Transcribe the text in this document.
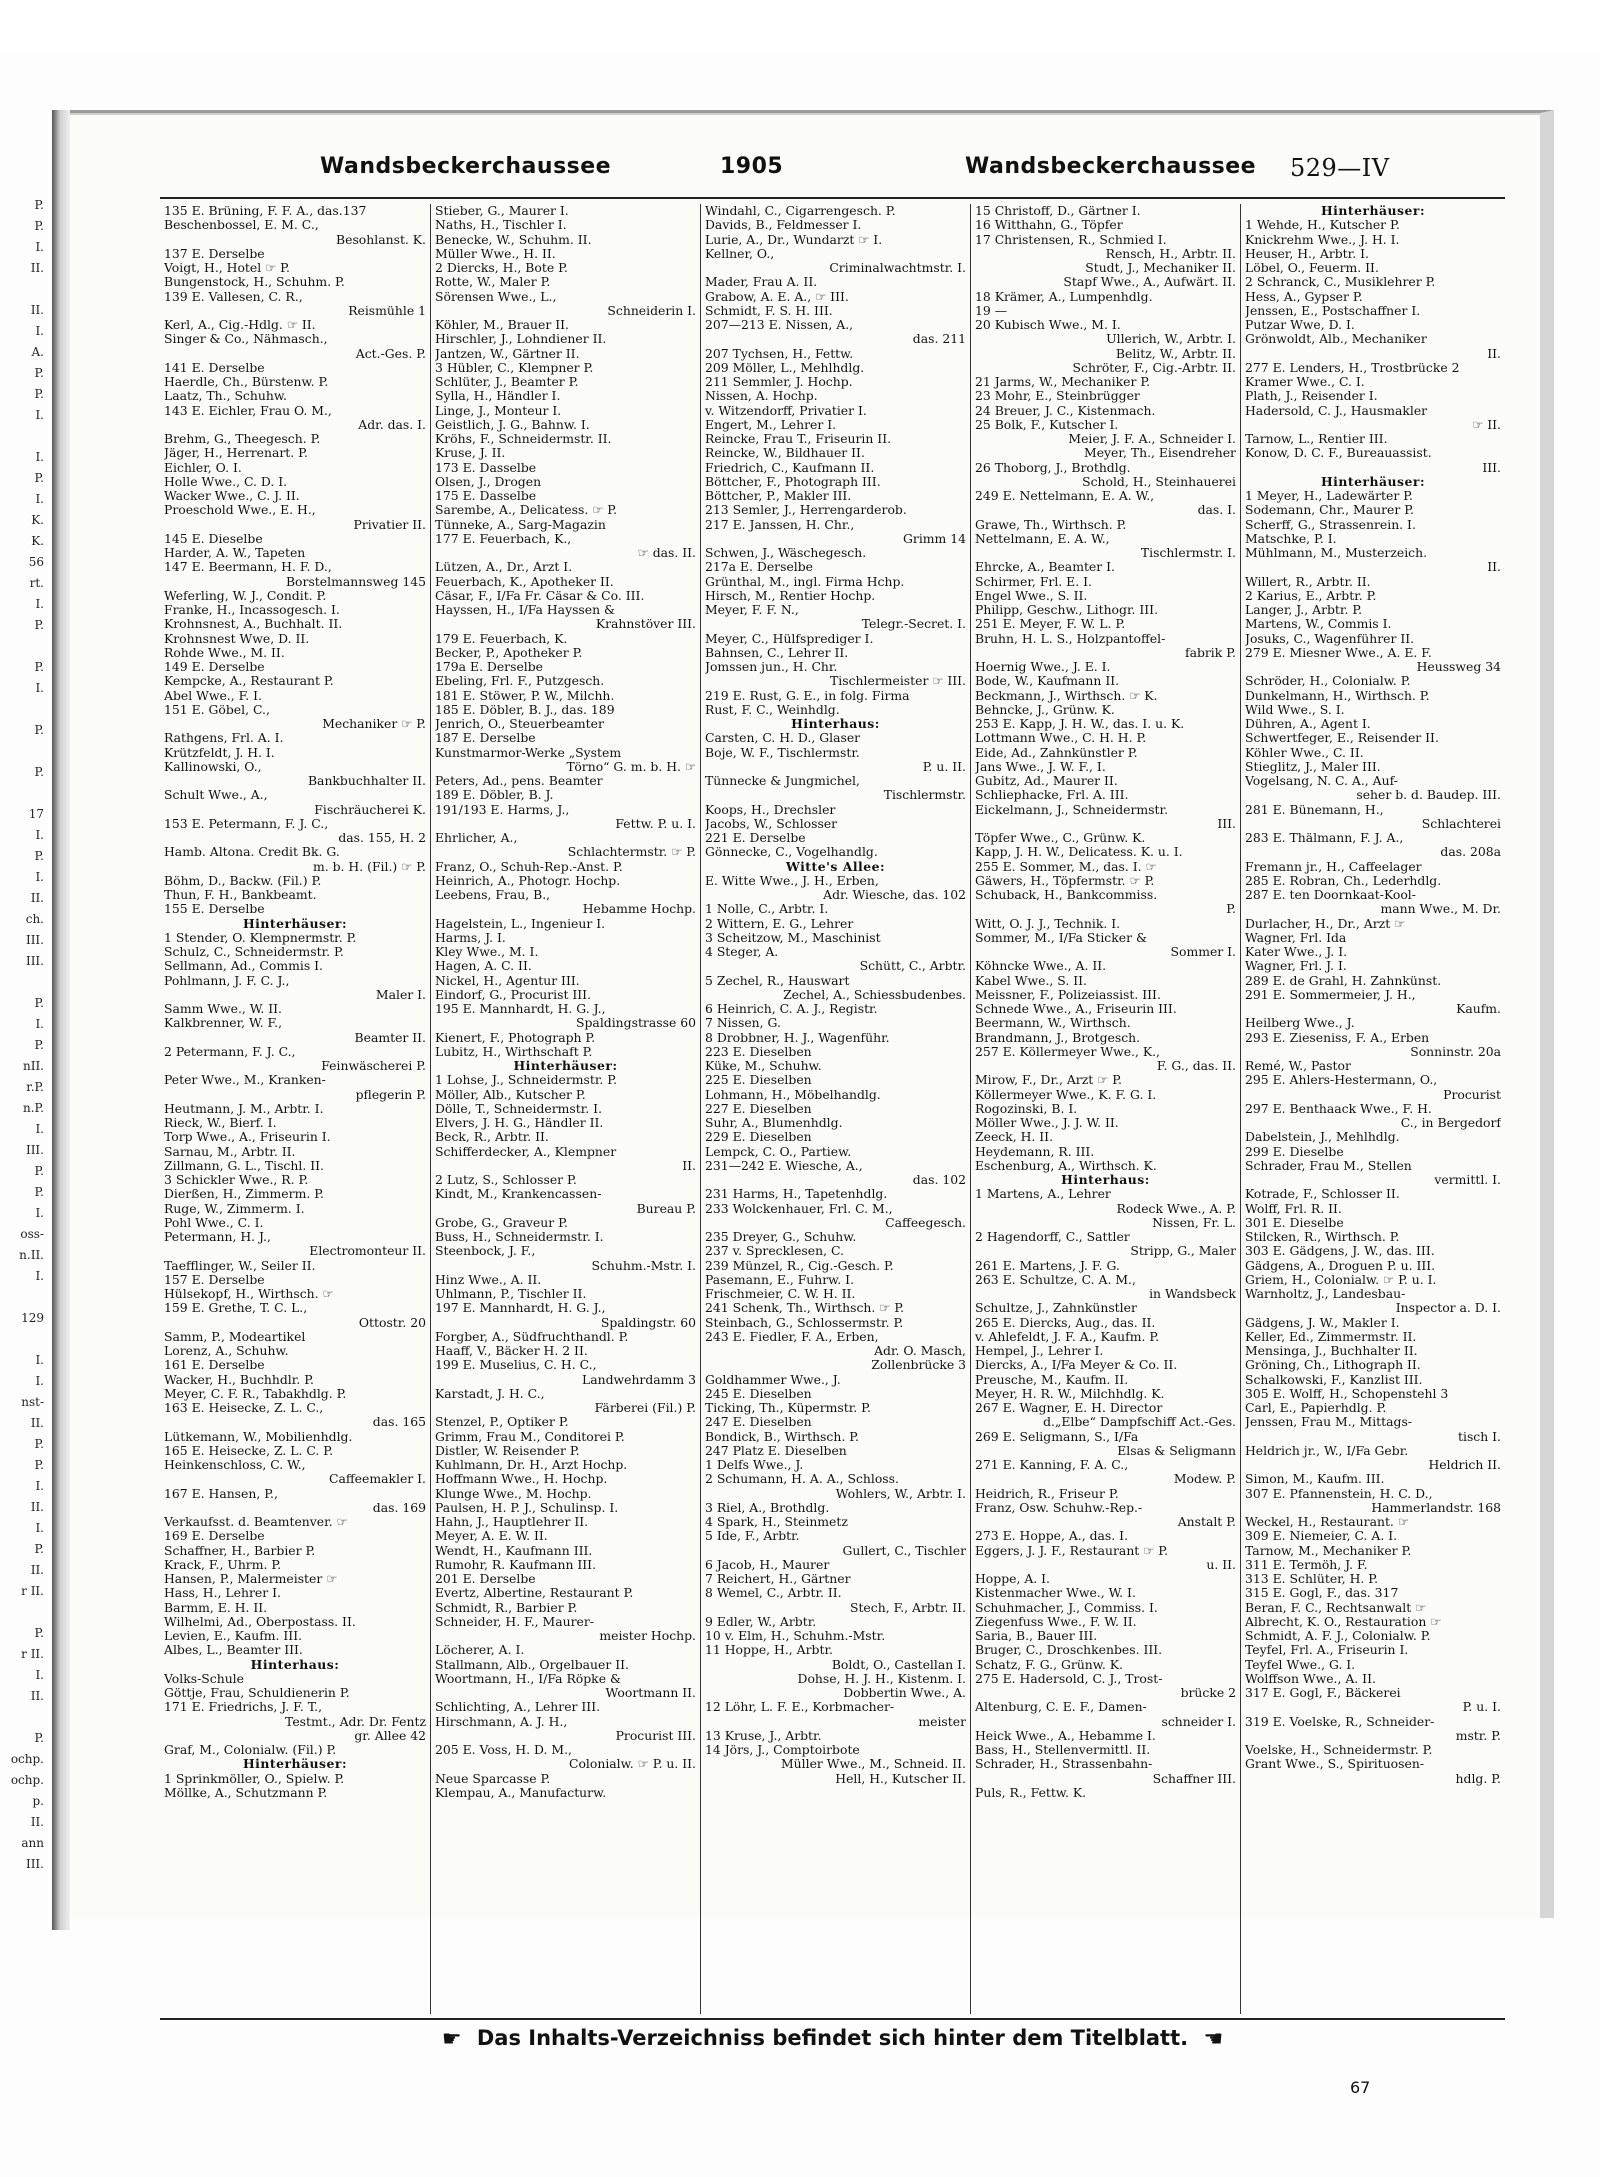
P.
P.
I.
II.

II.
I.
A.
P.
P.
I.

I.
P.
I.
K.
K.
56
rt.
I.
P.

P.
I.

P.

P.

17
I.
P.
I.
II.
ch.
III.
III.

P.
I.
P.
nII.
r.P.
n.P.
I.
III.
P.
P.
I.
oss-
n.II.
I.

129

I.
I.
nst-
II.
P.
P.
I.
II.
I.
P.
II.
r II.

P.
r II.
I.
II.

P.
ochp.
ochp.
p.
II.
ann
III.
Wandsbeckerchaussee	1905	Wandsbeckerchaussee 529—IV

135 E. Brüning, F. F. A., das.137

Beschenbossel, E. M. C.,

Besohlanst. K.

137 E. Derselbe

Voigt, H., Hotel ☞ P.

Bungenstock, H., Schuhm. P.

139 E. Vallesen, C. R.,

Reismühle 1

Kerl, A., Cig.-Hdlg. ☞ II.

Singer & Co., Nähmasch.,

Act.-Ges. P.

141 E. Derselbe

Haerdle, Ch., Bürstenw. P.

Laatz, Th., Schuhw.

143 E. Eichler, Frau O. M.,

Adr. das. I.

Brehm, G., Theegesch. P.

Jäger, H., Herrenart. P.

Eichler, O. I.

Holle Wwe., C. D. I.

Wacker Wwe., C. J. II.

Proeschold Wwe., E. H.,

Privatier II.

145 E. Dieselbe

Harder, A. W., Tapeten

147 E. Beermann, H. F. D.,

Borstelmannsweg 145

Weferling, W. J., Condit. P.

Franke, H., Incassogesch. I.

Krohnsnest, A., Buchhalt. II.

Krohnsnest Wwe, D. II.

Rohde Wwe., M. II.

149 E. Derselbe

Kempcke, A., Restaurant P.

Abel Wwe., F. I.

151 E. Göbel, C.,

Mechaniker ☞ P.

Rathgens, Frl. A. I.

Krützfeldt, J. H. I.

Kallinowski, O.,

Bankbuchhalter II.

Schult Wwe., A.,

Fischräucherei K.

153 E. Petermann, F. J. C.,

das. 155, H. 2

Hamb. Altona. Credit Bk. G.

m. b. H. (Fil.) ☞ P.

Böhm, D., Backw. (Fil.) P.

Thun, F. H., Bankbeamt.

155 E. Derselbe

Hinterhäuser:

1 Stender, O. Klempnermstr. P.

Schulz, C., Schneidermstr. P.

Sellmann, Ad., Commis I.

Pohlmann, J. F. C. J.,

Maler I.

Samm Wwe., W. II.

Kalkbrenner, W. F.,

Beamter II.

2 Petermann, F. J. C.,

Feinwäscherei P.

Peter Wwe., M., Kranken-

pflegerin P.

Heutmann, J. M., Arbtr. I.

Rieck, W., Bierf. I.

Torp Wwe., A., Friseurin I.

Sarnau, M., Arbtr. II.

Zillmann, G. L., Tischl. II.

3 Schickler Wwe., R. P.

Dierßen, H., Zimmerm. P.

Ruge, W., Zimmerm. I.

Pohl Wwe., C. I.

Petermann, H. J.,

Electromonteur II.

Taefflinger, W., Seiler II.

157 E. Derselbe

Hülsekopf, H., Wirthsch. ☞

159 E. Grethe, T. C. L.,

Ottostr. 20

Samm, P., Modeartikel

Lorenz, A., Schuhw.

161 E. Derselbe

Wacker, H., Buchhdlr. P.

Meyer, C. F. R., Tabakhdlg. P.

163 E. Heisecke, Z. L. C.,

das. 165

Lütkemann, W., Mobilienhdlg.

165 E. Heisecke, Z. L. C. P.

Heinkenschloss, C. W.,

Caffeemakler I.

167 E. Hansen, P.,

das. 169

Verkaufsst. d. Beamtenver. ☞

169 E. Derselbe

Schaffner, H., Barbier P.

Krack, F., Uhrm. P.

Hansen, P., Malermeister ☞

Hass, H., Lehrer I.

Barmm, E. H. II.

Wilhelmi, Ad., Oberpostass. II.

Levien, E., Kaufm. III.

Albes, L., Beamter III.

Hinterhaus:

Volks-Schule

Göttje, Frau, Schuldienerin P.

171 E. Friedrichs, J. F. T.,

Testmt., Adr. Dr. Fentz

gr. Allee 42

Graf, M., Colonialw. (Fil.) P.

Hinterhäuser:

1 Sprinkmöller, O., Spielw. P.

Möllke, A., Schutzmann P.

Stieber, G., Maurer I.

Naths, H., Tischler I.

Benecke, W., Schuhm. II.

Müller Wwe., H. II.

2 Diercks, H., Bote P.

Rotte, W., Maler P.

Sörensen Wwe., L.,

Schneiderin I.

Köhler, M., Brauer II.

Hirschler, J., Lohndiener II.

Jantzen, W., Gärtner II.

3 Hübler, C., Klempner P.

Schlüter, J., Beamter P.

Sylla, H., Händler I.

Linge, J., Monteur I.

Geistlich, J. G., Bahnw. I.

Kröhs, F., Schneidermstr. II.

Kruse, J. II.

173 E. Dasselbe

Olsen, J., Drogen

175 E. Dasselbe

Sarembe, A., Delicatess. ☞ P.

Tünneke, A., Sarg-Magazin

177 E. Feuerbach, K.,

☞ das. II.

Lützen, A., Dr., Arzt I.

Feuerbach, K., Apotheker II.

Cäsar, F., I/Fa Fr. Cäsar & Co. III.

Hayssen, H., I/Fa Hayssen &

Krahnstöver III.

179 E. Feuerbach, K.

Becker, P., Apotheker P.

179a E. Derselbe

Ebeling, Frl. F., Putzgesch.

181 E. Stöwer, P. W., Milchh.

185 E. Döbler, B. J., das. 189

Jenrich, O., Steuerbeamter

187 E. Derselbe

Kunstmarmor-Werke „System

Törno“ G. m. b. H. ☞

Peters, Ad., pens. Beamter

189 E. Döbler, B. J.

191/193 E. Harms, J.,

Fettw. P. u. I.

Ehrlicher, A.,

Schlachtermstr. ☞ P.

Franz, O., Schuh-Rep.-Anst. P.

Heinrich, A., Photogr. Hochp.

Leebens, Frau, B.,

Hebamme Hochp.

Hagelstein, L., Ingenieur I.

Harms, J. I.

Kley Wwe., M. I.

Hagen, A. C. II.

Nickel, H., Agentur III.

Eindorf, G., Procurist III.

195 E. Mannhardt, H. G. J.,

Spaldingstrasse 60

Kienert, F., Photograph P.

Lubitz, H., Wirthschaft P.

Hinterhäuser:

1 Lohse, J., Schneidermstr. P.

Möller, Alb., Kutscher P.

Dölle, T., Schneidermstr. I.

Elvers, J. H. G., Händler II.

Beck, R., Arbtr. II.

Schifferdecker, A., Klempner

II.

2 Lutz, S., Schlosser P.

Kindt, M., Krankencassen-

Bureau P.

Grobe, G., Graveur P.

Buss, H., Schneidermstr. I.

Steenbock, J. F.,

Schuhm.-Mstr. I.

Hinz Wwe., A. II.

Uhlmann, P., Tischler II.

197 E. Mannhardt, H. G. J.,

Spaldingstr. 60

Forgber, A., Südfruchthandl. P.

Haaff, V., Bäcker H. 2 II.

199 E. Muselius, C. H. C.,

Landwehrdamm 3

Karstadt, J. H. C.,

Färberei (Fil.) P.

Stenzel, P., Optiker P.

Grimm, Frau M., Conditorei P.

Distler, W. Reisender P.

Kuhlmann, Dr. H., Arzt Hochp.

Hoffmann Wwe., H. Hochp.

Klunge Wwe., M. Hochp.

Paulsen, H. P. J., Schulinsp. I.

Hahn, J., Hauptlehrer II.

Meyer, A. E. W. II.

Wendt, H., Kaufmann III.

Rumohr, R. Kaufmann III.

201 E. Derselbe

Evertz, Albertine, Restaurant P.

Schmidt, R., Barbier P.

Schneider, H. F., Maurer-

meister Hochp.

Löcherer, A. I.

Stallmann, Alb., Orgelbauer II.

Woortmann, H., I/Fa Röpke &

Woortmann II.

Schlichting, A., Lehrer III.

Hirschmann, A. J. H.,

Procurist III.

205 E. Voss, H. D. M.,

Colonialw. ☞ P. u. II.

Neue Sparcasse P.

Klempau, A., Manufacturw.

Windahl, C., Cigarrengesch. P.

Davids, B., Feldmesser I.

Lurie, A., Dr., Wundarzt ☞ I.

Kellner, O.,

Criminalwachtmstr. I.

Mader, Frau A. II.

Grabow, A. E. A., ☞ III.

Schmidt, F. S. H. III.

207—213 E. Nissen, A.,

das. 211

207 Tychsen, H., Fettw.

209 Möller, L., Mehlhdlg.

211 Semmler, J. Hochp.

Nissen, A. Hochp.

v. Witzendorff, Privatier I.

Engert, M., Lehrer I.

Reincke, Frau T., Friseurin II.

Reincke, W., Bildhauer II.

Friedrich, C., Kaufmann II.

Böttcher, F., Photograph III.

Böttcher, P., Makler III.

213 Semler, J., Herrengarderob.

217 E. Janssen, H. Chr.,

Grimm 14

Schwen, J., Wäschegesch.

217a E. Derselbe

Grünthal, M., ingl. Firma Hchp.

Hirsch, M., Rentier Hochp.

Meyer, F. F. N.,

Telegr.-Secret. I.

Meyer, C., Hülfsprediger I.

Bahnsen, C., Lehrer II.

Jomssen jun., H. Chr.

Tischlermeister ☞ III.

219 E. Rust, G. E., in folg. Firma

Rust, F. C., Weinhdlg.

Hinterhaus:

Carsten, C. H. D., Glaser

Boje, W. F., Tischlermstr.

P. u. II.

Tünnecke & Jungmichel,

Tischlermstr.

Koops, H., Drechsler

Jacobs, W., Schlosser

221 E. Derselbe

Gönnecke, C., Vogelhandlg.

Witte's Allee:

E. Witte Wwe., J. H., Erben,

Adr. Wiesche, das. 102

1 Nolle, C., Arbtr. I.

2 Wittern, E. G., Lehrer

3 Scheitzow, M., Maschinist

4 Steger, A.

Schütt, C., Arbtr.

5 Zechel, R., Hauswart

Zechel, A., Schiessbudenbes.

6 Heinrich, C. A. J., Registr.

7 Nissen, G.

8 Drobbner, H. J., Wagenführ.

223 E. Dieselben

Küke, M., Schuhw.

225 E. Dieselben

Lohmann, H., Möbelhandlg.

227 E. Dieselben

Suhr, A., Blumenhdlg.

229 E. Dieselben

Lempck, C. O., Partiew.

231—242 E. Wiesche, A.,

das. 102

231 Harms, H., Tapetenhdlg.

233 Wolckenhauer, Frl. C. M.,

Caffeegesch.

235 Dreyer, G., Schuhw.

237 v. Sprecklesen, C.

239 Münzel, R., Cig.-Gesch. P.

Pasemann, E., Fuhrw. I.

Frischmeier, C. W. H. II.

241 Schenk, Th., Wirthsch. ☞ P.

Steinbach, G., Schlossermstr. P.

243 E. Fiedler, F. A., Erben,

Adr. O. Masch,

Zollenbrücke 3

Goldhammer Wwe., J.

245 E. Dieselben

Ticking, Th., Küpermstr. P.

247 E. Dieselben

Bondick, B., Wirthsch. P.

247 Platz E. Dieselben

1 Delfs Wwe., J.

2 Schumann, H. A. A., Schloss.

Wohlers, W., Arbtr. I.

3 Riel, A., Brothdlg.

4 Spark, H., Steinmetz

5 Ide, F., Arbtr.

Gullert, C., Tischler

6 Jacob, H., Maurer

7 Reichert, H., Gärtner

8 Wemel, C., Arbtr. II.

Stech, F., Arbtr. II.

9 Edler, W., Arbtr.

10 v. Elm, H., Schuhm.-Mstr.

11 Hoppe, H., Arbtr.

Boldt, O., Castellan I.

Dohse, H. J. H., Kistenm. I.

Dobbertin Wwe., A.

12 Löhr, L. F. E., Korbmacher-

meister

13 Kruse, J., Arbtr.

14 Jörs, J., Comptoirbote

Müller Wwe., M., Schneid. II.

Hell, H., Kutscher II.

15 Christoff, D., Gärtner I.

16 Witthahn, G., Töpfer

17 Christensen, R., Schmied I.

Rensch, H., Arbtr. II.

Studt, J., Mechaniker II.

Stapf Wwe., A., Aufwärt. II.

18 Krämer, A., Lumpenhdlg.

19 —

20 Kubisch Wwe., M. I.

Ullerich, W., Arbtr. I.

Belitz, W., Arbtr. II.

Schröter, F., Cig.-Arbtr. II.

21 Jarms, W., Mechaniker P.

23 Mohr, E., Steinbrügger

24 Breuer, J. C., Kistenmach.

25 Bolk, F., Kutscher I.

Meier, J. F. A., Schneider I.

Meyer, Th., Eisendreher

26 Thoborg, J., Brothdlg.

Schold, H., Steinhauerei

249 E. Nettelmann, E. A. W.,

das. I.

Grawe, Th., Wirthsch. P.

Nettelmann, E. A. W.,

Tischlermstr. I.

Ehrcke, A., Beamter I.

Schirmer, Frl. E. I.

Engel Wwe., S. II.

Philipp, Geschw., Lithogr. III.

251 E. Meyer, F. W. L. P.

Bruhn, H. L. S., Holzpantoffel-

fabrik P.

Hoernig Wwe., J. E. I.

Bode, W., Kaufmann II.

Beckmann, J., Wirthsch. ☞ K.

Behncke, J., Grünw. K.

253 E. Kapp, J. H. W., das. I. u. K.

Lottmann Wwe., C. H. H. P.

Eide, Ad., Zahnkünstler P.

Jans Wwe., J. W. F., I.

Gubitz, Ad., Maurer II.

Schliephacke, Frl. A. III.

Eickelmann, J., Schneidermstr.

III.

Töpfer Wwe., C., Grünw. K.

Kapp, J. H. W., Delicatess. K. u. I.

255 E. Sommer, M., das. I. ☞

Gäwers, H., Töpfermstr. ☞ P.

Schuback, H., Bankcommiss.

P.

Witt, O. J. J., Technik. I.

Sommer, M., I/Fa Sticker &

Sommer I.

Köhncke Wwe., A. II.

Kabel Wwe., S. II.

Meissner, F., Polizeiassist. III.

Schnede Wwe., A., Friseurin III.

Beermann, W., Wirthsch.

Brandmann, J., Brotgesch.

257 E. Köllermeyer Wwe., K.,

F. G., das. II.

Mirow, F., Dr., Arzt ☞ P.

Köllermeyer Wwe., K. F. G. I.

Rogozinski, B. I.

Möller Wwe., J. J. W. II.

Zeeck, H. II.

Heydemann, R. III.

Eschenburg, A., Wirthsch. K.

Hinterhaus:

1 Martens, A., Lehrer

Rodeck Wwe., A. P.

Nissen, Fr. L.

2 Hagendorff, C., Sattler

Stripp, G., Maler

261 E. Martens, J. F. G.

263 E. Schultze, C. A. M.,

in Wandsbeck

Schultze, J., Zahnkünstler

265 E. Diercks, Aug., das. II.

v. Ahlefeldt, J. F. A., Kaufm. P.

Hempel, J., Lehrer I.

Diercks, A., I/Fa Meyer & Co. II.

Preusche, M., Kaufm. II.

Meyer, H. R. W., Milchhdlg. K.

267 E. Wagner, E. H. Director

d.„Elbe“ Dampfschiff Act.-Ges.

269 E. Seligmann, S., I/Fa

Elsas & Seligmann

271 E. Kanning, F. A. C.,

Modew. P.

Heidrich, R., Friseur P.

Franz, Osw. Schuhw.-Rep.-

Anstalt P.

273 E. Hoppe, A., das. I.

Eggers, J. J. F., Restaurant ☞ P.

u. II.

Hoppe, A. I.

Kistenmacher Wwe., W. I.

Schuhmacher, J., Commiss. I.

Ziegenfuss Wwe., F. W. II.

Saria, B., Bauer III.

Bruger, C., Droschkenbes. III.

Schatz, F. G., Grünw. K.

275 E. Hadersold, C. J., Trost-

brücke 2

Altenburg, C. E. F., Damen-

schneider I.

Heick Wwe., A., Hebamme I.

Bass, H., Stellenvermittl. II.

Schrader, H., Strassenbahn-

Schaffner III.

Puls, R., Fettw. K.

Hinterhäuser:

1 Wehde, H., Kutscher P.

Knickrehm Wwe., J. H. I.

Heuser, H., Arbtr. I.

Löbel, O., Feuerm. II.

2 Schranck, C., Musiklehrer P.

Hess, A., Gypser P.

Jenssen, E., Postschaffner I.

Putzar Wwe, D. I.

Grönwoldt, Alb., Mechaniker

II.

277 E. Lenders, H., Trostbrücke 2

Kramer Wwe., C. I.

Plath, J., Reisender I.

Hadersold, C. J., Hausmakler

☞ II.

Tarnow, L., Rentier III.

Konow, D. C. F., Bureauassist.

III.

Hinterhäuser:

1 Meyer, H., Ladewärter P.

Sodemann, Chr., Maurer P.

Scherff, G., Strassenrein. I.

Matschke, P. I.

Mühlmann, M., Musterzeich.

II.

Willert, R., Arbtr. II.

2 Karius, E., Arbtr. P.

Langer, J., Arbtr. P.

Martens, W., Commis I.

Josuks, C., Wagenführer II.

279 E. Miesner Wwe., A. E. F.

Heussweg 34

Schröder, H., Colonialw. P.

Dunkelmann, H., Wirthsch. P.

Wild Wwe., S. I.

Dühren, A., Agent I.

Schwertfeger, E., Reisender II.

Köhler Wwe., C. II.

Stieglitz, J., Maler III.

Vogelsang, N. C. A., Auf-

seher b. d. Baudep. III.

281 E. Bünemann, H.,

Schlachterei

283 E. Thälmann, F. J. A.,

das. 208a

Fremann jr., H., Caffeelager

285 E. Robran, Ch., Lederhdlg.

287 E. ten Doornkaat-Kool-

mann Wwe., M. Dr.

Durlacher, H., Dr., Arzt ☞

Wagner, Frl. Ida

Kater Wwe., J. I.

Wagner, Frl. J. I.

289 E. de Grahl, H. Zahnkünst.

291 E. Sommermeier, J. H.,

Kaufm.

Heilberg Wwe., J.

293 E. Zieseniss, F. A., Erben

Sonninstr. 20a

Remé, W., Pastor

295 E. Ahlers-Hestermann, O.,

Procurist

297 E. Benthaack Wwe., F. H.

C., in Bergedorf

Dabelstein, J., Mehlhdlg.

299 E. Dieselbe

Schrader, Frau M., Stellen

vermittl. I.

Kotrade, F., Schlosser II.

Wolff, Frl. R. II.

301 E. Dieselbe

Stilcken, R., Wirthsch. P.

303 E. Gädgens, J. W., das. III.

Gädgens, A., Droguen P. u. III.

Griem, H., Colonialw. ☞ P. u. I.

Warnholtz, J., Landesbau-

Inspector a. D. I.

Gädgens, J. W., Makler I.

Keller, Ed., Zimmermstr. II.

Mensinga, J., Buchhalter II.

Gröning, Ch., Lithograph II.

Schalkowski, F., Kanzlist III.

305 E. Wolff, H., Schopenstehl 3

Carl, E., Papierhdlg. P.

Jenssen, Frau M., Mittags-

tisch I.

Heldrich jr., W., I/Fa Gebr.

Heldrich II.

Simon, M., Kaufm. III.

307 E. Pfannenstein, H. C. D.,

Hammerlandstr. 168

Weckel, H., Restaurant. ☞

309 E. Niemeier, C. A. I.

Tarnow, M., Mechaniker P.

311 E. Termöh, J. F.

313 E. Schlüter, H. P.

315 E. Gogl, F., das. 317

Beran, F. C., Rechtsanwalt ☞

Albrecht, K. O., Restauration ☞

Schmidt, A. F. J., Colonialw. P.

Teyfel, Frl. A., Friseurin I.

Teyfel Wwe., G. I.

Wolffson Wwe., A. II.

317 E. Gogl, F., Bäckerei

P. u. I.

319 E. Voelske, R., Schneider-

mstr. P.

Voelske, H., Schneidermstr. P.

Grant Wwe., S., Spirituosen-

hdlg. P.

☛ Das Inhalts-Verzeichniss befindet sich hinter dem Titelblatt. ☚
67
